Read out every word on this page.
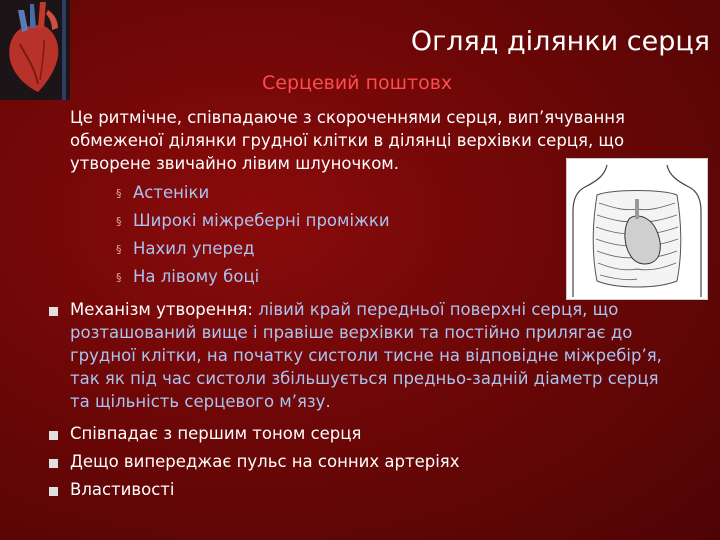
Огляд ділянки серця
Серцевий поштовх
Це ритмічне, співпадаюче з скороченнями серця, вип’ячування
обмеженої ділянки грудної клітки в ділянці верхівки серця, що
утворене звичайно лівим шлуночком.
§ Астеніки
§ Широкі міжреберні проміжки
§ Нахил уперед
§ На лівому боці
Механізм утворення: лівий край передньої поверхні серця, що
розташований вище і правіше верхівки та постійно прилягає до
грудної клітки, на початку систоли тисне на відповідне міжребір’я,
так як під час систоли збільшується предньо-задній діаметр серця
та щільність серцевого м’язу.
Співпадає з першим тоном серця
Дещо випереджає пульс на сонних артеріях
Властивості
